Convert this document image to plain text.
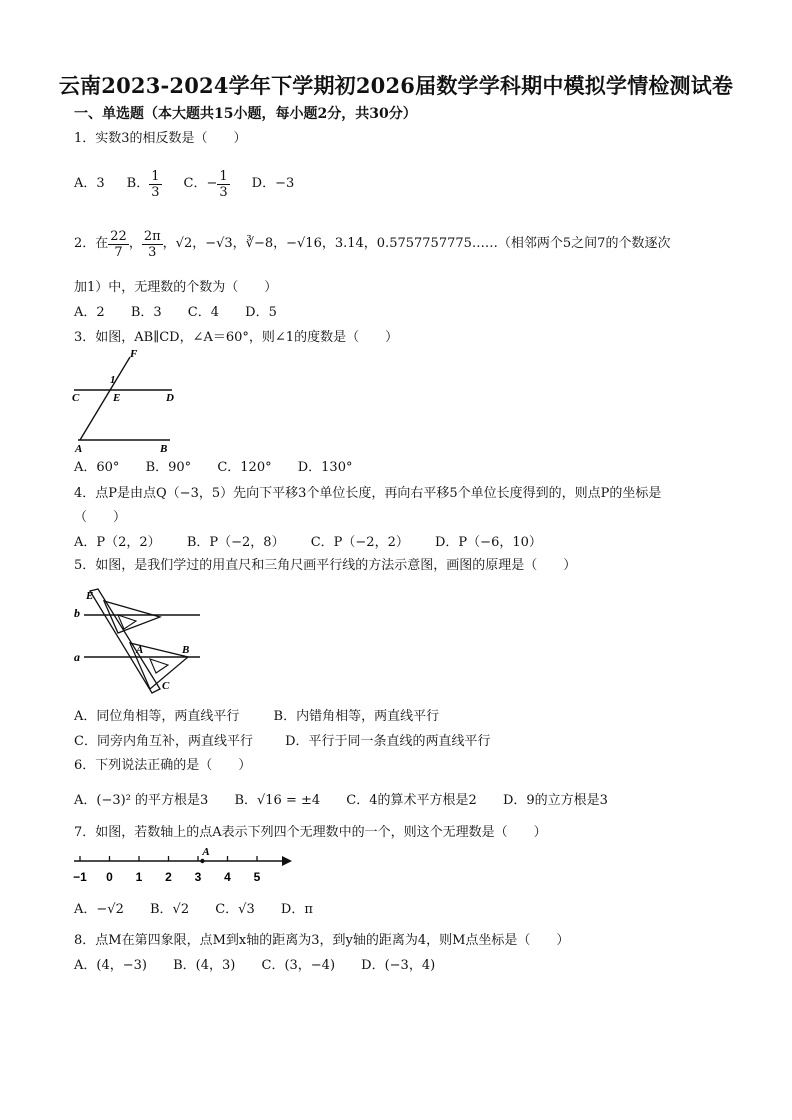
云南2023-2024学年下学期初2026届数学学科期中模拟学情检测试卷
一、单选题（本大题共15小题，每小题2分，共30分）
1．实数3的相反数是（　　）
A．3 B． $\frac{1}{3}$ C．− $\frac{1}{3}$ D．−3
2．在 $\frac{22}{7}$ ， $\frac{2\pi}{3}$ ，√2，−√3，∛−8，−√16，3.14，0.5757757775……（相邻两个5之间7的个数逐次
加1）中，无理数的个数为（　　）
A．2 B．3 C．4 D．5
3．如图，AB∥CD，∠A＝60°，则∠1的度数是（　　）
F
1
C	E	D
A	B
A．60° B．90° C．120° D．130°
4．点P是由点Q（−3，5）先向下平移3个单位长度，再向右平移5个单位长度得到的，则点P的坐标是
（　　）
A．P（2，2） B．P（−2，8） C．P（−2，2） D．P（−6，10）
5．如图，是我们学过的用直尺和三角尺画平行线的方法示意图，画图的原理是（　　）
E
b
a	A	B
C
A．同位角相等，两直线平行	B．内错角相等，两直线平行
C．同旁内角互补，两直线平行 D．平行于同一条直线的两直线平行
6．下列说法正确的是（　　）
A．(−3)² 的平方根是3 B．√16 = ±4 C．4的算术平方根是2 D．9的立方根是3
7．如图，若数轴上的点A表示下列四个无理数中的一个，则这个无理数是（　　）
−1 0 1 2 3 4 5
A
A．−√2 B．√2 C．√3 D．π
8．点M在第四象限，点M到x轴的距离为3，到y轴的距离为4，则M点坐标是（　　）
A．(4，−3) B．(4，3) C．(3，−4) D．(−3，4)
